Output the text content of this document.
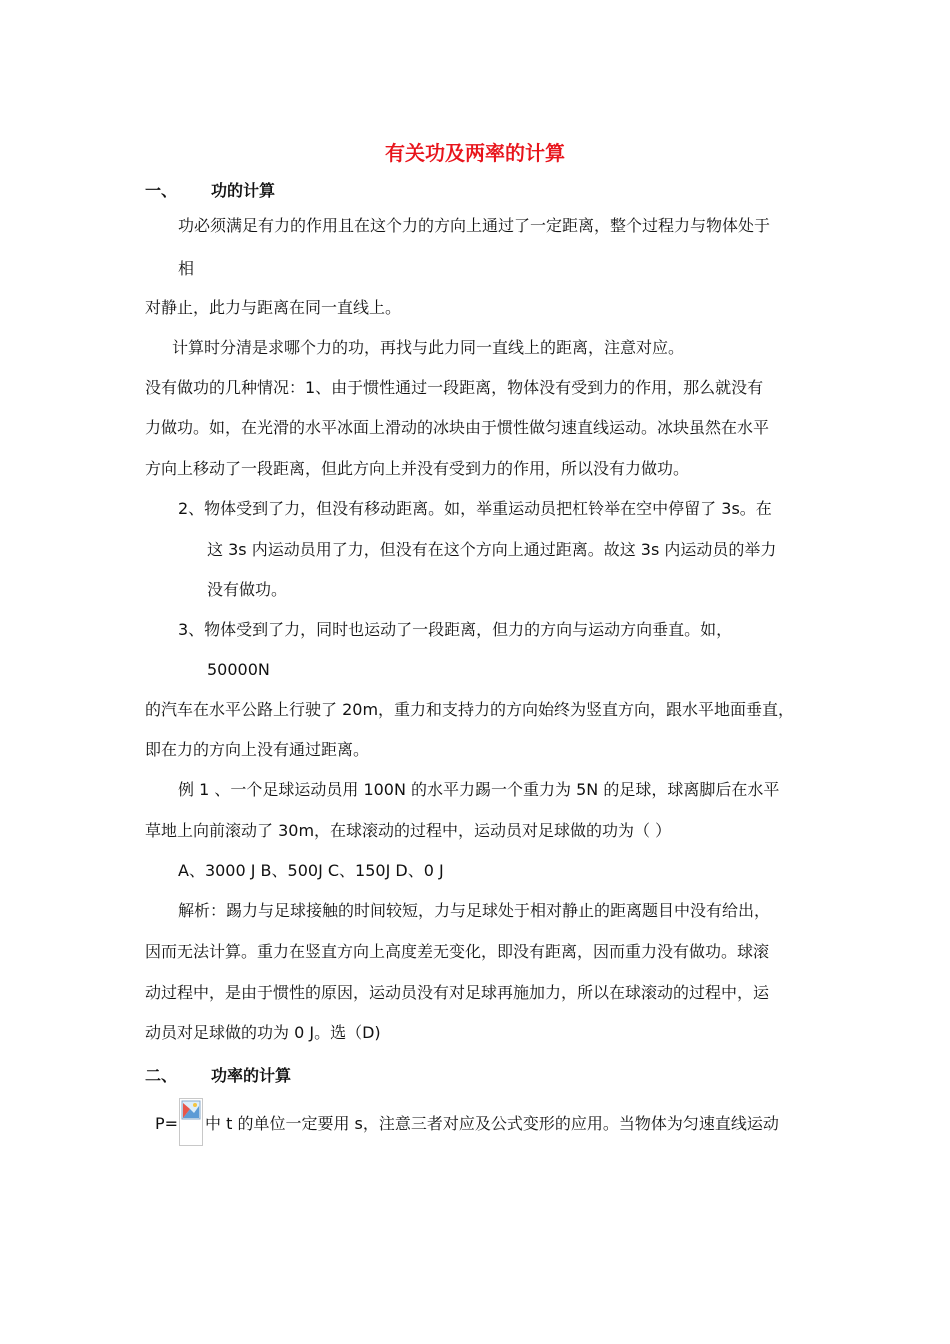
有关功及两率的计算
一、 功的计算
功必须满足有力的作用且在这个力的方向上通过了一定距离，整个过程力与物体处于
相
对静止，此力与距离在同一直线上。
计算时分清是求哪个力的功，再找与此力同一直线上的距离，注意对应。
没有做功的几种情况：1、由于惯性通过一段距离，物体没有受到力的作用，那么就没有
力做功。如，在光滑的水平冰面上滑动的冰块由于惯性做匀速直线运动。冰块虽然在水平
方向上移动了一段距离，但此方向上并没有受到力的作用，所以没有力做功。
2、物体受到了力，但没有移动距离。如，举重运动员把杠铃举在空中停留了 3s。在
这 3s 内运动员用了力，但没有在这个方向上通过距离。故这 3s 内运动员的举力
没有做功。
3、物体受到了力，同时也运动了一段距离，但力的方向与运动方向垂直。如，
50000N
的汽车在水平公路上行驶了 20m，重力和支持力的方向始终为竖直方向，跟水平地面垂直，
即在力的方向上没有通过距离。
例 1 、一个足球运动员用 100N 的水平力踢一个重力为 5N 的足球，球离脚后在水平
草地上向前滚动了 30m，在球滚动的过程中，运动员对足球做的功为（ ）
A、3000 J B、500J C、150J D、0 J
解析：踢力与足球接触的时间较短，力与足球处于相对静止的距离题目中没有给出，
因而无法计算。重力在竖直方向上高度差无变化，即没有距离，因而重力没有做功。球滚
动过程中，是由于惯性的原因，运动员没有对足球再施加力，所以在球滚动的过程中，运
动员对足球做的功为 0 J。选（D)
二、 功率的计算
P= 中 t 的单位一定要用 s，注意三者对应及公式变形的应用。当物体为匀速直线运动
